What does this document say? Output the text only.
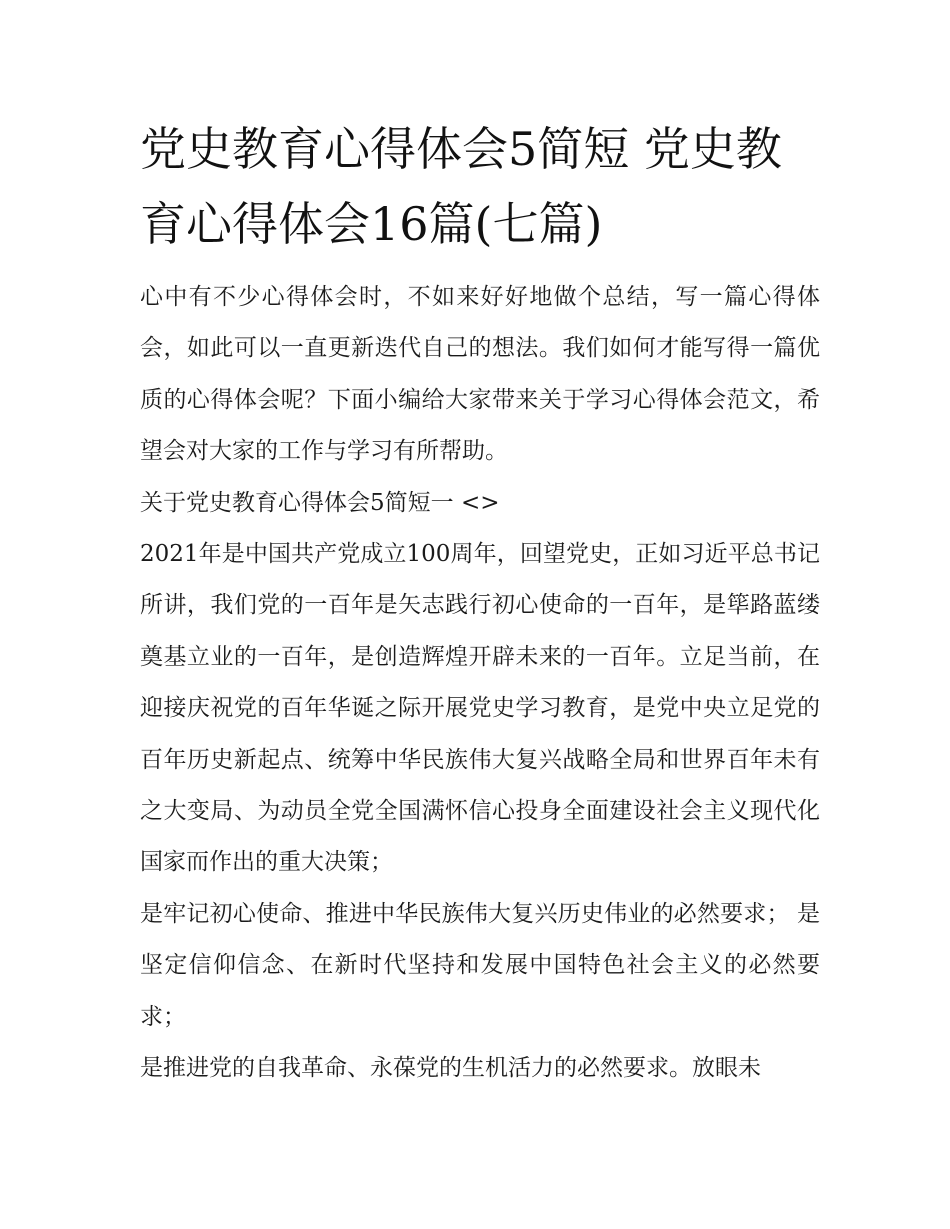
党史教育心得体会5简短 党史教育心得体会16篇(七篇)

心中有不少心得体会时，不如来好好地做个总结，写一篇心得体会，如此可以一直更新迭代自己的想法。我们如何才能写得一篇优质的心得体会呢？下面小编给大家带来关于学习心得体会范文，希望会对大家的工作与学习有所帮助。

关于党史教育心得体会5简短一 <>

2021年是中国共产党成立100周年，回望党史，正如习近平总书记所讲，我们党的一百年是矢志践行初心使命的一百年，是筚路蓝缕奠基立业的一百年，是创造辉煌开辟未来的一百年。立足当前，在迎接庆祝党的百年华诞之际开展党史学习教育，是党中央立足党的百年历史新起点、统筹中华民族伟大复兴战略全局和世界百年未有之大变局、为动员全党全国满怀信心投身全面建设社会主义现代化国家而作出的重大决策；

是牢记初心使命、推进中华民族伟大复兴历史伟业的必然要求； 是坚定信仰信念、在新时代坚持和发展中国特色社会主义的必然要求；

是推进党的自我革命、永葆党的生机活力的必然要求。放眼未
